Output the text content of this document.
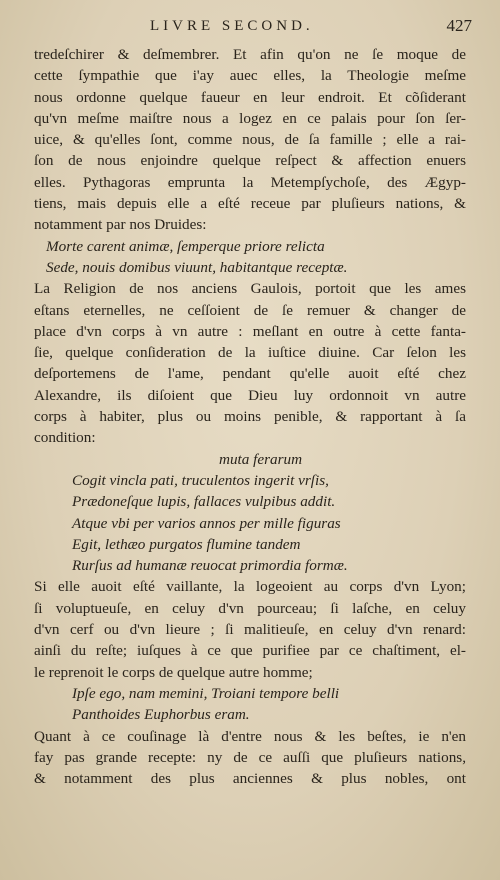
LIVRE SECOND.	427
tredeſchirer & deſmembrer. Et afin qu'on ne ſe moque de
cette ſympathie que i'ay auec elles, la Theologie meſme
nous ordonne quelque faueur en leur endroit. Et cõſiderant
qu'vn meſme maiſtre nous a logez en ce palais pour ſon ſer-
uice, & qu'elles ſont, comme nous, de ſa famille ; elle a rai-
ſon de nous enjoindre quelque reſpect & affection enuers
elles. Pythagoras emprunta la Metempſychoſe, des Ægyp-
tiens, mais depuis elle a eſté receue par pluſieurs nations, &
notamment par nos Druides:
Morte carent animæ, ſemperque priore relicta
Sede, nouis domibus viuunt, habitantque receptæ.
La Religion de nos anciens Gaulois, portoit que les ames
eſtans eternelles, ne ceſſoient de ſe remuer & changer de
place d'vn corps à vn autre : meſlant en outre à cette fanta-
ſie, quelque conſideration de la iuſtice diuine. Car ſelon les
deſportemens de l'ame, pendant qu'elle auoit eſté chez
Alexandre, ils diſoient que Dieu luy ordonnoit vn autre
corps à habiter, plus ou moins penible, & rapportant à ſa
condition:
muta ferarum
Cogit vincla pati, truculentos ingerit vrſis,
Prædoneſque lupis, fallaces vulpibus addit.
Atque vbi per varios annos per mille figuras
Egit, lethæo purgatos flumine tandem
Rurſus ad humanæ reuocat primordia formæ.
Si elle auoit eſté vaillante, la logeoient au corps d'vn Lyon;
ſi voluptueuſe, en celuy d'vn pourceau; ſi laſche, en celuy
d'vn cerf ou d'vn lieure ; ſi malitieuſe, en celuy d'vn renard:
ainſi du reſte; iuſques à ce que purifiee par ce chaſtiment, el-
le reprenoit le corps de quelque autre homme;
Ipſe ego, nam memini, Troiani tempore belli
Panthoides Euphorbus eram.
Quant à ce couſinage là d'entre nous & les beſtes, ie n'en
fay pas grande recepte: ny de ce auſſi que pluſieurs nations,
& notamment des plus anciennes & plus nobles, ont
